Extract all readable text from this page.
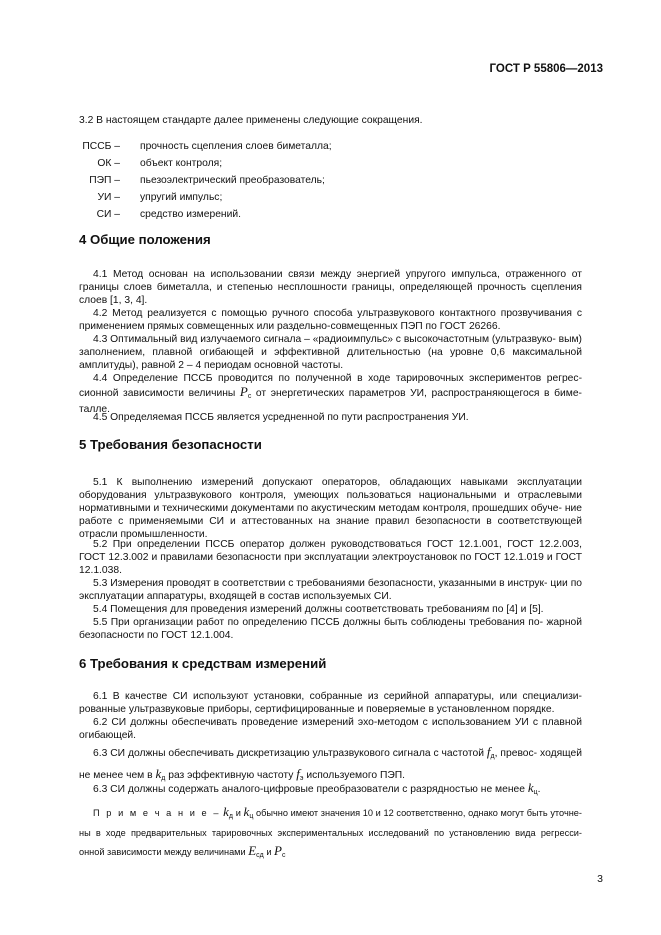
ГОСТ Р 55806—2013
3.2 В настоящем стандарте далее применены следующие сокращения.
ПССБ –	прочность сцепления слоев биметалла;
ОК –	объект контроля;
ПЭП –	пьезоэлектрический преобразователь;
УИ –	упругий импульс;
СИ –	средство измерений.
4 Общие положения
4.1 Метод основан на использовании связи между энергией упругого импульса, отраженного от границы слоев биметалла, и степенью несплошности границы, определяющей прочность сцепления слоев [1, 3, 4].
4.2 Метод реализуется с помощью ручного способа ультразвукового контактного прозвучивания с применением прямых совмещенных или раздельно-совмещенных ПЭП по ГОСТ 26266.
4.3 Оптимальный вид излучаемого сигнала – «радиоимпульс» с высокочастотным (ультразвуко- вым) заполнением, плавной огибающей и эффективной длительностью (на уровне 0,6 максимальной амплитуды), равной 2 – 4 периодам основной частоты.
4.4 Определение ПССБ проводится по полученной в ходе тарировочных экспериментов регрес- сионной зависимости величины $P_с$ от энергетических параметров УИ, распространяющегося в бимe- талле.
4.5 Определяемая ПССБ является усредненной по пути распространения УИ.
5 Требования безопасности
5.1 К выполнению измерений допускают операторов, обладающих навыками эксплуатации оборудования ультразвукового контроля, умеющих пользоваться национальными и отраслевыми нормативными и техническими документами по акустическим методам контроля, прошедших обуче- ние работе с применяемыми СИ и аттестованных на знание правил безопасности в соответствующей отрасли промышленности.
5.2 При определении ПССБ оператор должен руководствоваться ГОСТ 12.1.001, ГОСТ 12.2.003, ГОСТ 12.3.002 и правилами безопасности при эксплуатации электроустановок по ГОСТ 12.1.019 и ГОСТ 12.1.038.
5.3 Измерения проводят в соответствии с требованиями безопасности, указанными в инструк- ции по эксплуатации аппаратуры, входящей в состав используемых СИ.
5.4 Помещения для проведения измерений должны соответствовать требованиям по [4] и [5].
5.5 При организации работ по определению ПССБ должны быть соблюдены требования по- жарной безопасности по ГОСТ 12.1.004.
6 Требования к средствам измерений
6.1 В качестве СИ используют установки, собранные из серийной аппаратуры, или специализи- рованные ультразвуковые приборы, сертифицированные и поверяемые в установленном порядке.
6.2 СИ должны обеспечивать проведение измерений эхо-методом с использованием УИ с плавной огибающей.
6.3 СИ должны обеспечивать дискретизацию ультразвукового сигнала с частотой $f_д$, превос- ходящей не менее чем в $k_д$ раз эффективную частоту $f_э$ используемого ПЭП.
6.3 СИ должны содержать аналого-цифровые преобразователи с разрядностью не менее $k_ц$.
П р и м е ч а н и е – $k_д$ и $k_ц$ обычно имеют значения 10 и 12 соответственно, однако могут быть уточне- ны в ходе предварительных тарировочных экспериментальных исследований по установлению вида регресси- онной зависимости между величинами $E_{сд}$ и $P_с$
3
